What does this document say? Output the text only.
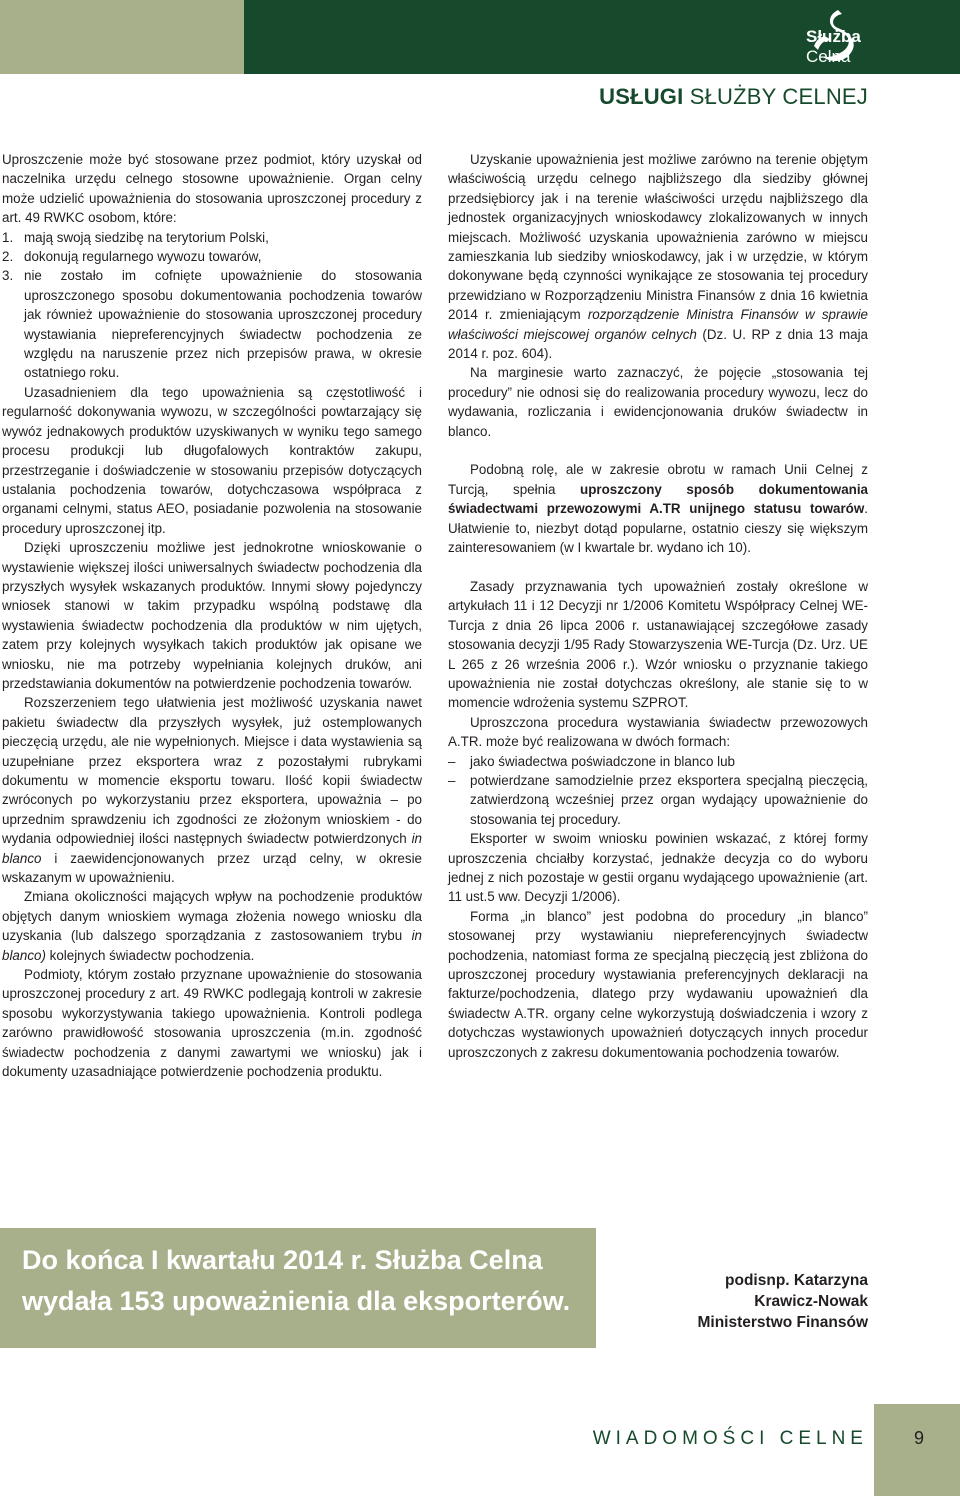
Służba
Celna
USŁUGI SŁUŻBY CELNEJ

Uproszczenie może być stosowane przez podmiot, który uzyskał od naczelnika urzędu celnego stosowne upoważnienie. Organ celny może udzielić upoważnienia do stosowania uproszczonej procedury z art. 49 RWKC osobom, które:

1. mają swoją siedzibę na terytorium Polski,
2. dokonują regularnego wywozu towarów,
3. nie zostało im cofnięte upoważnienie do stosowania uproszczonego sposobu dokumentowania pochodzenia towarów jak również upoważnienie do stosowania uproszczonej procedury wystawiania niepreferencyjnych świadectw pochodzenia ze względu na naruszenie przez nich przepisów prawa, w okresie ostatniego roku.

Uzasadnieniem dla tego upoważnienia są częstotliwość i regularność dokonywania wywozu, w szczególności powtarzający się wywóz jednakowych produktów uzyskiwanych w wyniku tego samego procesu produkcji lub długofalowych kontraktów zakupu, przestrzeganie i doświadczenie w stosowaniu przepisów dotyczących ustalania pochodzenia towarów, dotychczasowa współpraca z organami celnymi, status AEO, posiadanie pozwolenia na stosowanie procedury uproszczonej itp.

Dzięki uproszczeniu możliwe jest jednokrotne wnioskowanie o wystawienie większej ilości uniwersalnych świadectw pochodzenia dla przyszłych wysyłek wskazanych produktów. Innymi słowy pojedynczy wniosek stanowi w takim przypadku wspólną podstawę dla wystawienia świadectw pochodzenia dla produktów w nim ujętych, zatem przy kolejnych wysyłkach takich produktów jak opisane we wniosku, nie ma potrzeby wypełniania kolejnych druków, ani przedstawiania dokumentów na potwierdzenie pochodzenia towarów.

Rozszerzeniem tego ułatwienia jest możliwość uzyskania nawet pakietu świadectw dla przyszłych wysyłek, już ostemplowanych pieczęcią urzędu, ale nie wypełnionych. Miejsce i data wystawienia są uzupełniane przez eksportera wraz z pozostałymi rubrykami dokumentu w momencie eksportu towaru. Ilość kopii świadectw zwróconych po wykorzystaniu przez eksportera, upoważnia – po uprzednim sprawdzeniu ich zgodności ze złożonym wnioskiem - do wydania odpowiedniej ilości następnych świadectw potwierdzonych in blanco i zaewidencjonowanych przez urząd celny, w okresie wskazanym w upoważnieniu.

Zmiana okoliczności mających wpływ na pochodzenie produktów objętych danym wnioskiem wymaga złożenia nowego wniosku dla uzyskania (lub dalszego sporządzania z zastosowaniem trybu in blanco) kolejnych świadectw pochodzenia.

Podmioty, którym zostało przyznane upoważnienie do stosowania uproszczonej procedury z art. 49 RWKC podlegają kontroli w zakresie sposobu wykorzystywania takiego upoważnienia. Kontroli podlega zarówno prawidłowość stosowania uproszczenia (m.in. zgodność świadectw pochodzenia z danymi zawartymi we wniosku) jak i dokumenty uzasadniające potwierdzenie pochodzenia produktu.

Uzyskanie upoważnienia jest możliwe zarówno na terenie objętym właściwością urzędu celnego najbliższego dla siedziby głównej przedsiębiorcy jak i na terenie właściwości urzędu najbliższego dla jednostek organizacyjnych wnioskodawcy zlokalizowanych w innych miejscach. Możliwość uzyskania upoważnienia zarówno w miejscu zamieszkania lub siedziby wnioskodawcy, jak i w urzędzie, w którym dokonywane będą czynności wynikające ze stosowania tej procedury przewidziano w Rozporządzeniu Ministra Finansów z dnia 16 kwietnia 2014 r. zmieniającym rozporządzenie Ministra Finansów w sprawie właściwości miejscowej organów celnych (Dz. U. RP z dnia 13 maja 2014 r. poz. 604).

Na marginesie warto zaznaczyć, że pojęcie „stosowania tej procedury” nie odnosi się do realizowania procedury wywozu, lecz do wydawania, rozliczania i ewidencjonowania druków świadectw in blanco.

Podobną rolę, ale w zakresie obrotu w ramach Unii Celnej z Turcją, spełnia uproszczony sposób dokumentowania świadectwami przewozowymi A.TR unijnego statusu towarów. Ułatwienie to, niezbyt dotąd popularne, ostatnio cieszy się większym zainteresowaniem (w I kwartale br. wydano ich 10).

Zasady przyznawania tych upoważnień zostały określone w artykułach 11 i 12 Decyzji nr 1/2006 Komitetu Współpracy Celnej WE-Turcja z dnia 26 lipca 2006 r. ustanawiającej szczegółowe zasady stosowania decyzji 1/95 Rady Stowarzyszenia WE-Turcja (Dz. Urz. UE L 265 z 26 września 2006 r.). Wzór wniosku o przyznanie takiego upoważnienia nie został dotychczas określony, ale stanie się to w momencie wdrożenia systemu SZPROT.

Uproszczona procedura wystawiania świadectw przewozowych A.TR. może być realizowana w dwóch formach:

–	jako świadectwa poświadczone in blanco lub
–	potwierdzane samodzielnie przez eksportera specjalną pieczęcią, zatwierdzoną wcześniej przez organ wydający upoważnienie do stosowania tej procedury.

Eksporter w swoim wniosku powinien wskazać, z której formy uproszczenia chciałby korzystać, jednakże decyzja co do wyboru jednej z nich pozostaje w gestii organu wydającego upoważnienie (art. 11 ust.5 ww. Decyzji 1/2006).

Forma „in blanco” jest podobna do procedury „in blanco” stosowanej przy wystawianiu niepreferencyjnych świadectw pochodzenia, natomiast forma ze specjalną pieczęcią jest zbliżona do uproszczonej procedury wystawiania preferencyjnych deklaracji na fakturze/pochodzenia, dlatego przy wydawaniu upoważnień dla świadectw A.TR. organy celne wykorzystują doświadczenia i wzory z dotychczas wystawionych upoważnień dotyczących innych procedur uproszczonych z zakresu dokumentowania pochodzenia towarów.

Do końca I kwartału 2014 r. Służba Celna
wydała 153 upoważnienia dla eksporterów.
podisnp. Katarzyna
Krawicz-Nowak
Ministerstwo Finansów
WIADOMOŚCI CELNE	9
